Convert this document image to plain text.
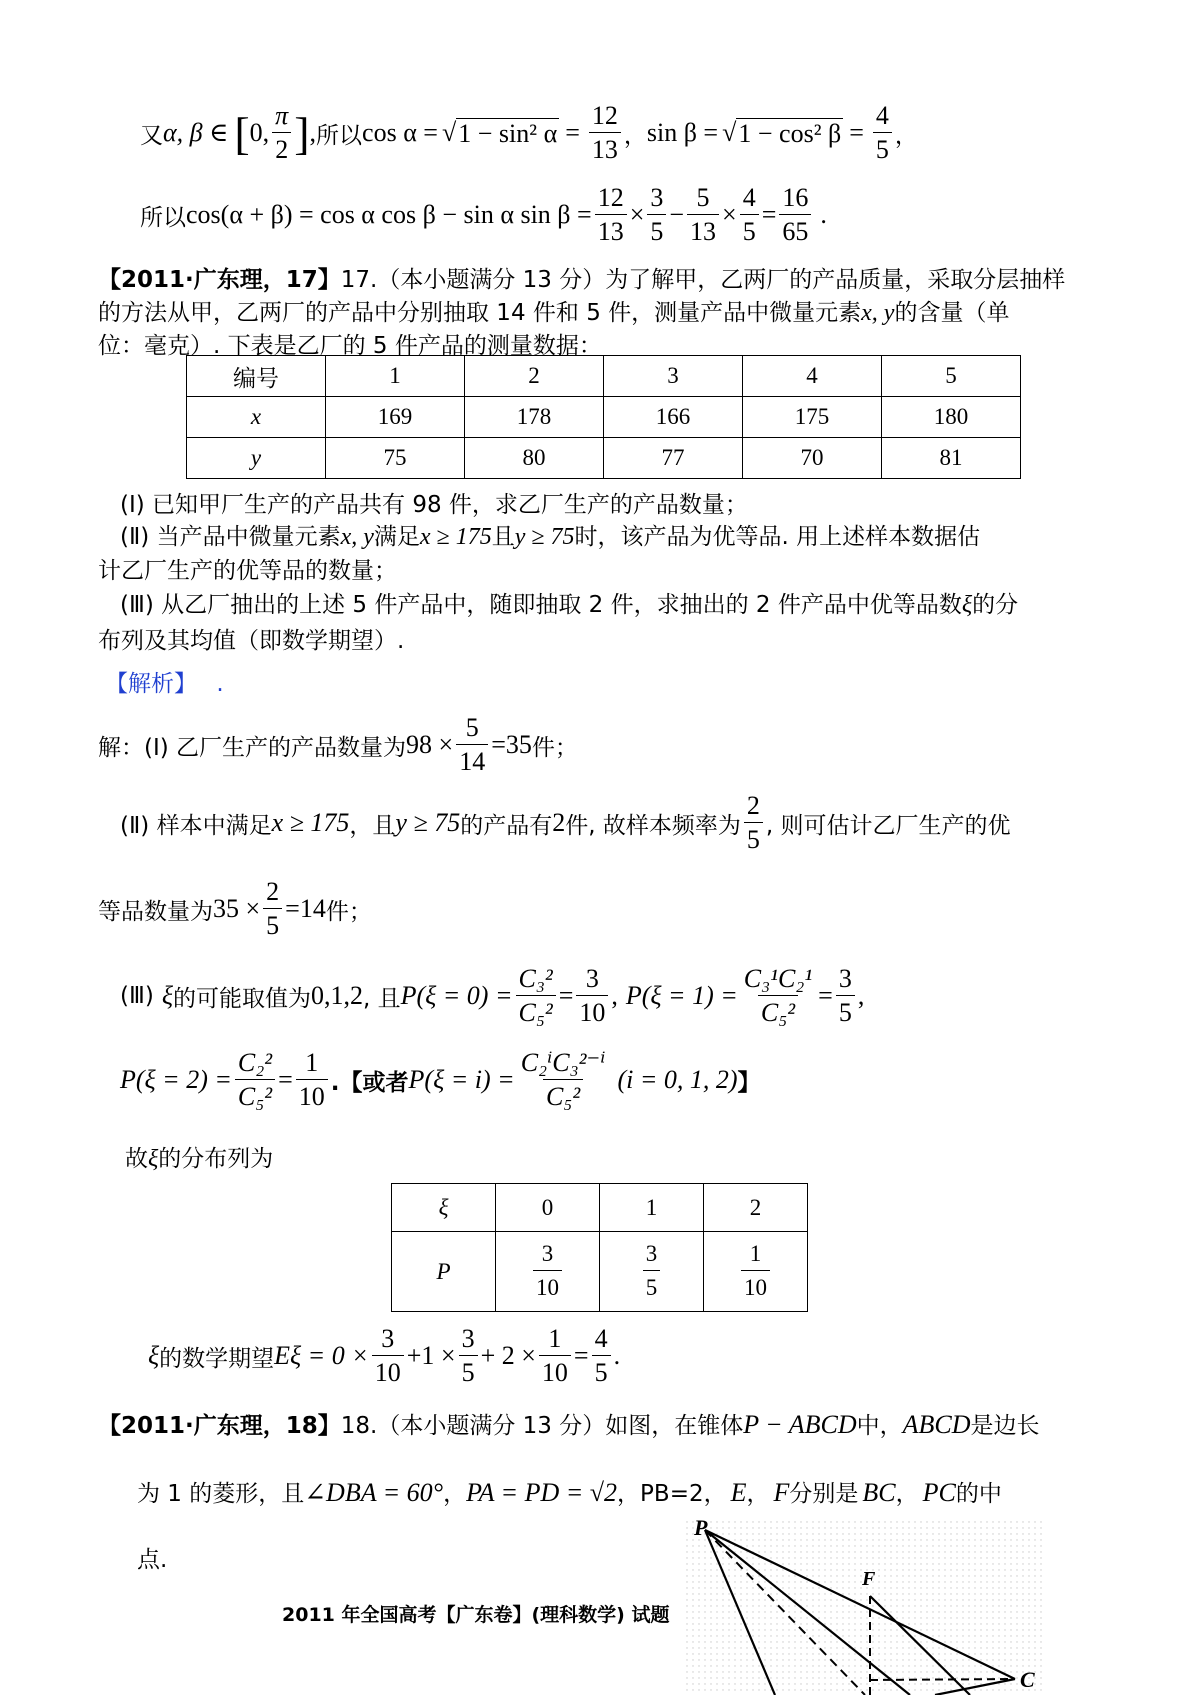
又 α, β ∈ [ 0, $\frac{\pi}{2}$ ] , 所以 cos α = √ 1 − sin² $\alpha = \frac{12}{13}$ ， sin β = √ 1 − cos² $\beta = \frac{4}{5}$ ，
所以 cos(α + β) = cos α cos β − sin α $\sin \beta = \frac{12}{13} \times \frac{3}{5} - \frac{5}{13} \times \frac{4}{5} = \frac{16}{65}$ .
【2011·广东理，17】17.（本小题满分 13 分）为了解甲，乙两厂的产品质量，采取分层抽样
的方法从甲，乙两厂的产品中分别抽取 14 件和 5 件，测量产品中微量元素x, y的含量（单
位：毫克）. 下表是乙厂的 5 件产品的测量数据：
编号	1	2	3	4	5
x	169	178	166	175	180
y	75	80	77	70	81
(Ⅰ) 已知甲厂生产的产品共有 98 件，求乙厂生产的产品数量；
(Ⅱ) 当产品中微量元素x, y满足x ≥ 175且y ≥ 75时，该产品为优等品. 用上述样本数据估
计乙厂生产的优等品的数量；
(Ⅲ) 从乙厂抽出的上述 5 件产品中，随即抽取 2 件，求抽出的 2 件产品中优等品数ξ的分
布列及其均值（即数学期望）.
【解析】 .
解：(Ⅰ) 乙厂生产的产品数量为 $98 \times \frac{5}{14} =35$ 件；
(Ⅱ) 样本中满足 x ≥ 175 ，且 y ≥ 75 的产品有 2 件, 故样本频率为 $\frac{2}{5}$ , 则可估计乙厂生产的优
等品数量为 $35 \times \frac{2}{5} =14$ 件；
(Ⅲ) ξ 的可能取值为 0,1,2 , 且 $P(\xi = 0) = \frac{\text{C₃²}}{\text{C₅²}} = \frac{3}{10}$ , $P(\xi = 1) = \frac{\text{C₃¹C₂¹}}{\text{C₅²}} = \frac{3}{5}$ ,
$P(\xi = 2) = \frac{\text{C₂²}}{\text{C₅²}} = \frac{1}{10}$ .【或者 $P(\xi = i) = \frac{\text{C₂ⁱC₃²⁻ⁱ}}{\text{C₅²}} (i = 0$, 1, 2) 】
故ξ的分布列为
ξ	0	1	2
P	$\frac{3}{10}$	$\frac{3}{5}$	$\frac{1}{10}$
ξ 的数学期望 $E\xi = 0 \times \frac{3}{10} +1 \times \frac{3}{5} + 2 \times \frac{1}{10} = \frac{4}{5}$ .
【2011·广东理，18】18.（本小题满分 13 分）如图，在锥体P − ABCD中，ABCD是边长
为 1 的菱形，且∠DBA = 60°，PA = PD = √2，PB=2， E， F分别是 BC， PC的中
点.
2011 年全国高考【广东卷】(理科数学) 试题
P
F
C
